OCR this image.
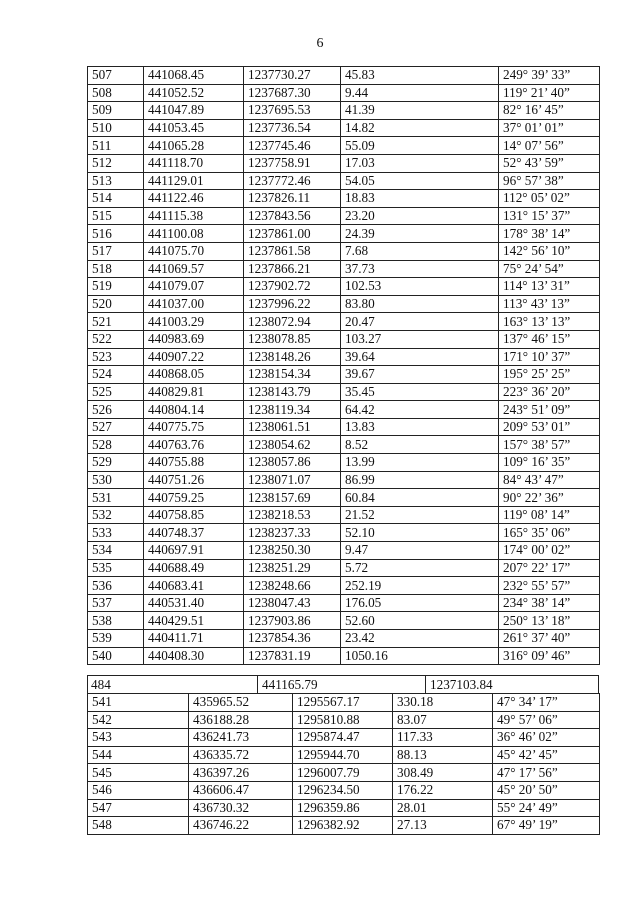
6
507	441068.45	1237730.27	45.83	249° 39’ 33”
508	441052.52	1237687.30	9.44	119° 21’ 40”
509	441047.89	1237695.53	41.39	82° 16’ 45”
510	441053.45	1237736.54	14.82	37° 01’ 01”
511	441065.28	1237745.46	55.09	14° 07’ 56”
512	441118.70	1237758.91	17.03	52° 43’ 59”
513	441129.01	1237772.46	54.05	96° 57’ 38”
514	441122.46	1237826.11	18.83	112° 05’ 02”
515	441115.38	1237843.56	23.20	131° 15’ 37”
516	441100.08	1237861.00	24.39	178° 38’ 14”
517	441075.70	1237861.58	7.68	142° 56’ 10”
518	441069.57	1237866.21	37.73	75° 24’ 54”
519	441079.07	1237902.72	102.53	114° 13’ 31”
520	441037.00	1237996.22	83.80	113° 43’ 13”
521	441003.29	1238072.94	20.47	163° 13’ 13”
522	440983.69	1238078.85	103.27	137° 46’ 15”
523	440907.22	1238148.26	39.64	171° 10’ 37”
524	440868.05	1238154.34	39.67	195° 25’ 25”
525	440829.81	1238143.79	35.45	223° 36’ 20”
526	440804.14	1238119.34	64.42	243° 51’ 09”
527	440775.75	1238061.51	13.83	209° 53’ 01”
528	440763.76	1238054.62	8.52	157° 38’ 57”
529	440755.88	1238057.86	13.99	109° 16’ 35”
530	440751.26	1238071.07	86.99	84° 43’ 47”
531	440759.25	1238157.69	60.84	90° 22’ 36”
532	440758.85	1238218.53	21.52	119° 08’ 14”
533	440748.37	1238237.33	52.10	165° 35’ 06”
534	440697.91	1238250.30	9.47	174° 00’ 02”
535	440688.49	1238251.29	5.72	207° 22’ 17”
536	440683.41	1238248.66	252.19	232° 55’ 57”
537	440531.40	1238047.43	176.05	234° 38’ 14”
538	440429.51	1237903.86	52.60	250° 13’ 18”
539	440411.71	1237854.36	23.42	261° 37’ 40”
540	440408.30	1237831.19	1050.16	316° 09’ 46”
484	441165.79	1237103.84
541	435965.52	1295567.17	330.18	47° 34’ 17”
542	436188.28	1295810.88	83.07	49° 57’ 06”
543	436241.73	1295874.47	117.33	36° 46’ 02”
544	436335.72	1295944.70	88.13	45° 42’ 45”
545	436397.26	1296007.79	308.49	47° 17’ 56”
546	436606.47	1296234.50	176.22	45° 20’ 50”
547	436730.32	1296359.86	28.01	55° 24’ 49”
548	436746.22	1296382.92	27.13	67° 49’ 19”
